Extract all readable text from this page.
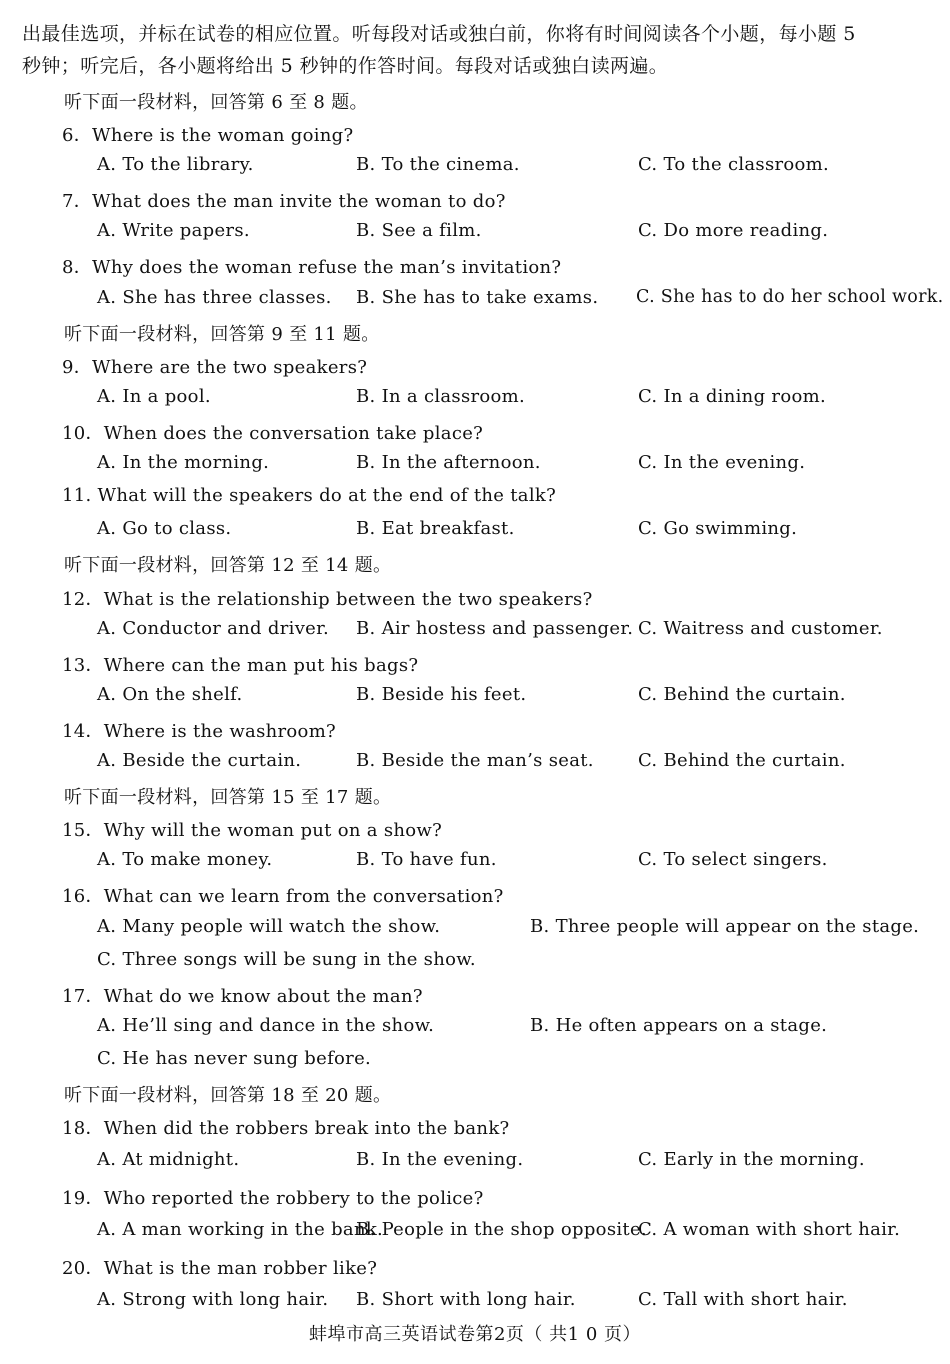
出最佳选项，并标在试卷的相应位置。听每段对话或独白前，你将有时间阅读各个小题，每小题 5
秒钟；听完后，各小题将给出 5 秒钟的作答时间。每段对话或独白读两遍。
听下面一段材料，回答第 6 至 8 题。
6．Where is the woman going?
A. To the library.	B. To the cinema.	C. To the classroom.
7．What does the man invite the woman to do?
A. Write papers.	B. See a film.	C. Do more reading.
8．Why does the woman refuse the man’s invitation?
A. She has three classes. B. She has to take exams. C. She has to do her school work.
听下面一段材料，回答第 9 至 11 题。
9．Where are the two speakers?
A. In a pool.	B. In a classroom.	C. In a dining room.
10．When does the conversation take place?
A. In the morning.	B. In the afternoon.	C. In the evening.
11. What will the speakers do at the end of the talk?
A. Go to class.	B. Eat breakfast.	C. Go swimming.
听下面一段材料，回答第 12 至 14 题。
12．What is the relationship between the two speakers?
A. Conductor and driver. B. Air hostess and passenger. C. Waitress and customer.
13．Where can the man put his bags?
A. On the shelf.	B. Beside his feet.	C. Behind the curtain.
14．Where is the washroom?
A. Beside the curtain.	B. Beside the man’s seat. C. Behind the curtain.
听下面一段材料，回答第 15 至 17 题。
15．Why will the woman put on a show?
A. To make money.	B. To have fun.	C. To select singers.
16．What can we learn from the conversation?
A. Many people will watch the show.	B. Three people will appear on the stage.
C. Three songs will be sung in the show.
17．What do we know about the man?
A. He’ll sing and dance in the show.	B. He often appears on a stage.
C. He has never sung before.
听下面一段材料，回答第 18 至 20 题。
18．When did the robbers break into the bank?
A. At midnight.	B. In the evening.	C. Early in the morning.
19．Who reported the robbery to the police?
A. A man working in the bank.
B. People in the shop opposite.
C. A woman with short hair.
20．What is the man robber like?
A. Strong with long hair. B. Short with long hair.	C. Tall with short hair.
蚌埠市高三英语试卷第2页（ 共1 0 页）
